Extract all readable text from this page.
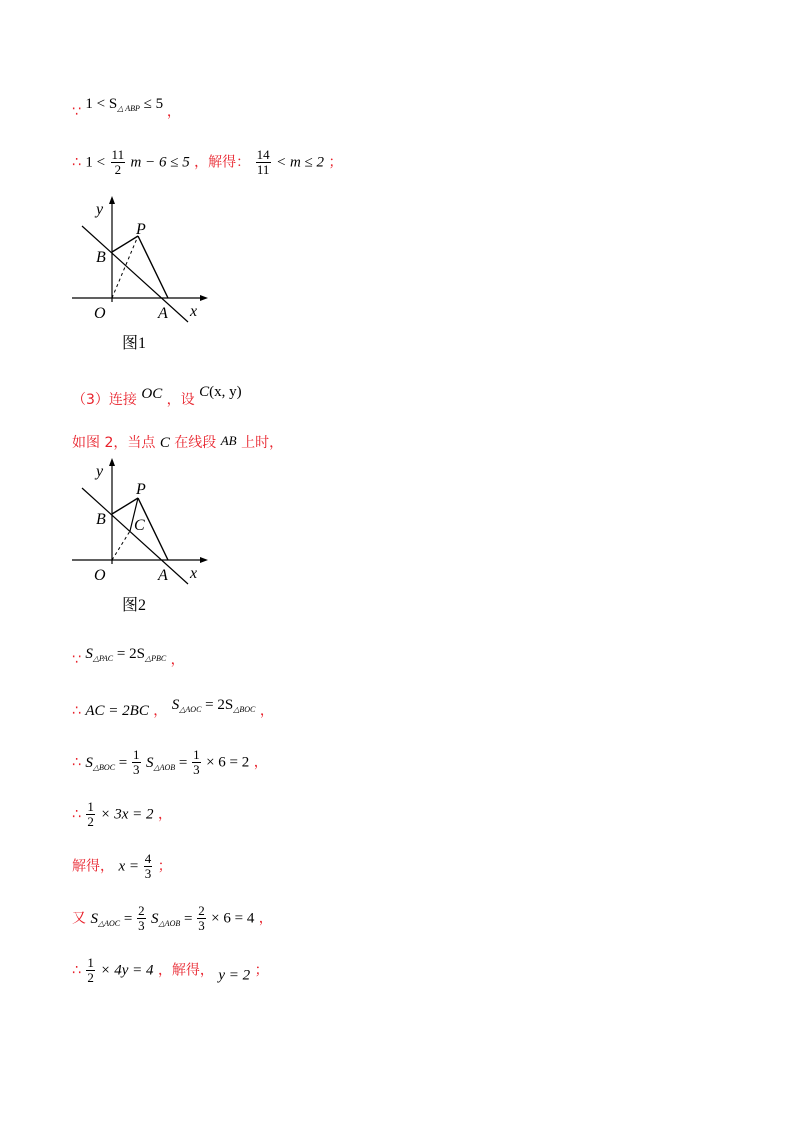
∵ $1 < S_{\triangle ABP} \le 5$ ，
∴ $1 < \frac{11}{2}$ m − 6 ≤ 5 ，解得： $\frac{14}{11} < m \le 2$ ；
y
x
O	A
B
P
图1
（3）连接 OC ，设 C(x, y)
如图 2，当点 C 在线段 AB 上时，
y
x
O	A
B
P
C
图2
∵ $S_{\triangle PAC} = 2S_{\triangle PBC}$ ，
∴ AC = 2BC ， $S_{\triangle AOC} = 2S_{\triangle BOC}$ ，
∴ $S_{\triangle BOC} = \frac{1}{3} S_{\triangle AOB} = \frac{1}{3} \times 6 = 2$ ，
∴ $\frac{1}{2} \times 3x = 2$ ，
解得， $x = \frac{4}{3}$ ；
又 $S_{\triangle AOC} = \frac{2}{3} S_{\triangle AOB} = \frac{2}{3} \times 6 = 4$ ，
∴ $\frac{1}{2} \times 4y = 4$ ，解得， y = 2 ；
